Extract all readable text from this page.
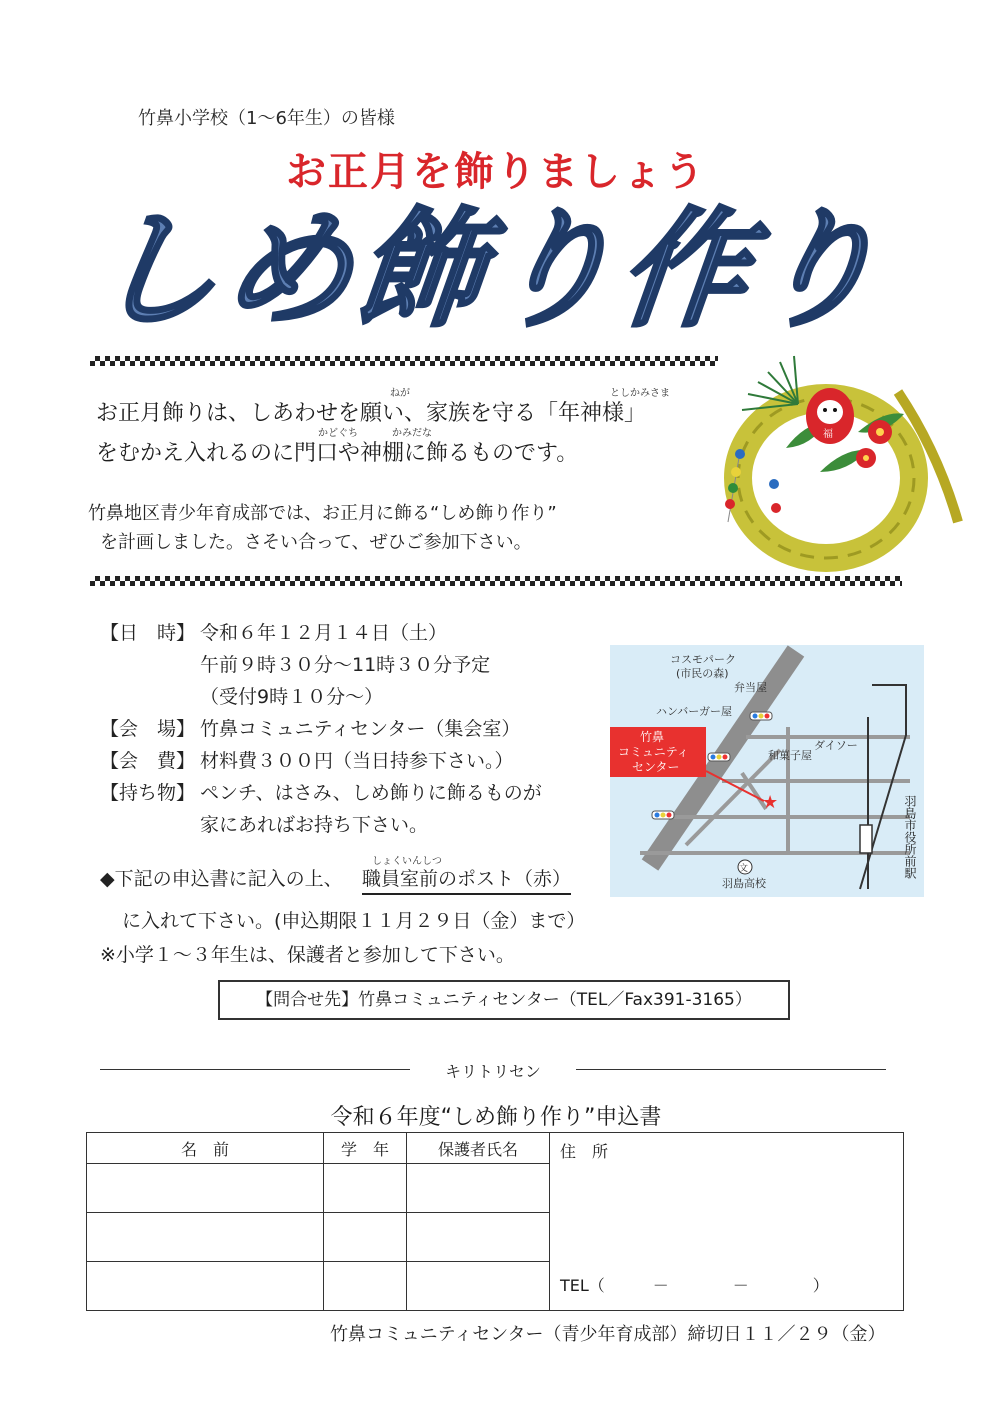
竹鼻小学校（1～6年生）の皆様
お正月を飾りましょう
しめ飾り作り
ねが	としかみさま
お正月飾りは、しあわせを願い、家族を守る「年神様」
かどぐち	かみだな
をむかえ入れるのに門口や神棚に飾るものです。
竹鼻地区青少年育成部では、お正月に飾る“しめ飾り作り”
を計画しました。さそい合って、ぜひご参加下さい。
福
【日　時】 令和６年１２月１４日（土）
午前９時３０分～11時３０分予定
（受付9時１０分～）
【会　場】 竹鼻コミュニティセンター（集会室）
【会　費】 材料費３００円（当日持参下さい。）
【持ち物】 ペンチ、はさみ、しめ飾りに飾るものが
家にあればお持ち下さい。
しょくいんしつ
◆下記の申込書に記入の上、 職員室前のポスト（赤）
に入れて下さい。(申込期限１１月２９日（金）まで）
※小学１～３年生は、保護者と参加して下さい。
★
コスモパーク
(市民の森)
弁当屋
ハンバーガー屋
ダイソー
和菓子屋
竹鼻
コミュニティ
センター
文
羽島高校
羽島市役所前駅
【問合せ先】竹鼻コミュニティセンター（TEL／Fax391-3165）
キリトリセン
令和６年度“しめ飾り作り”申込書
名　前	学　年	保護者氏名	住　所
TEL（　　　－　　　　－　　　　）

竹鼻コミュニティセンター（青少年育成部）締切日１１／２９（金）
